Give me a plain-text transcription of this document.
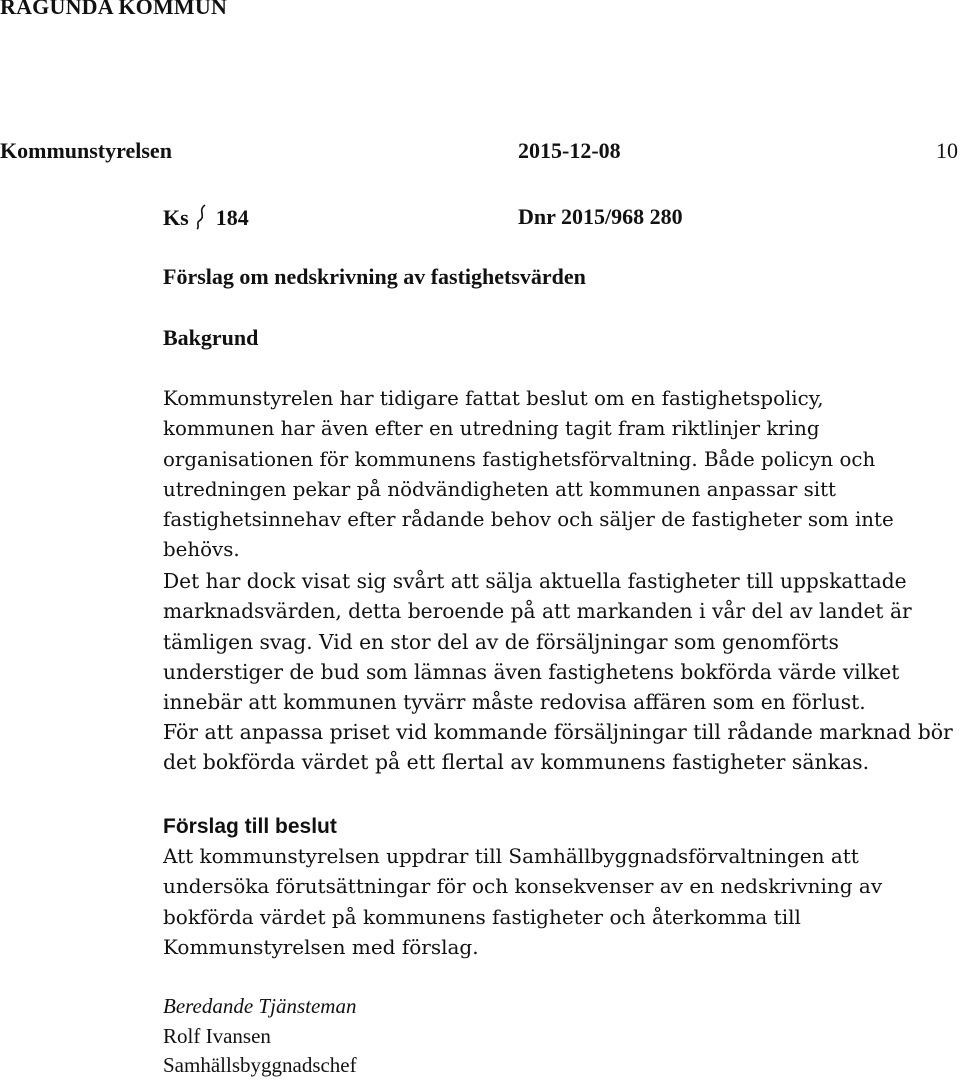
RAGUNDA KOMMUN
Kommunstyrelsen	2015-12-08	10
Ks 184	Dnr 2015/968 280
Förslag om nedskrivning av fastighetsvärden
Bakgrund
Kommunstyrelen har tidigare fattat beslut om en fastighetspolicy,
kommunen har även efter en utredning tagit fram riktlinjer kring
organisationen för kommunens fastighetsförvaltning. Både policyn och
utredningen pekar på nödvändigheten att kommunen anpassar sitt
fastighetsinnehav efter rådande behov och säljer de fastigheter som inte
behövs.
Det har dock visat sig svårt att sälja aktuella fastigheter till uppskattade
marknadsvärden, detta beroende på att markanden i vår del av landet är
tämligen svag. Vid en stor del av de försäljningar som genomförts
understiger de bud som lämnas även fastighetens bokförda värde vilket
innebär att kommunen tyvärr måste redovisa affären som en förlust.
För att anpassa priset vid kommande försäljningar till rådande marknad bör
det bokförda värdet på ett flertal av kommunens fastigheter sänkas.
Förslag till beslut
Att kommunstyrelsen uppdrar till Samhällbyggnadsförvaltningen att
undersöka förutsättningar för och konsekvenser av en nedskrivning av
bokförda värdet på kommunens fastigheter och återkomma till
Kommunstyrelsen med förslag.
Beredande Tjänsteman
Rolf Ivansen
Samhällsbyggnadschef
